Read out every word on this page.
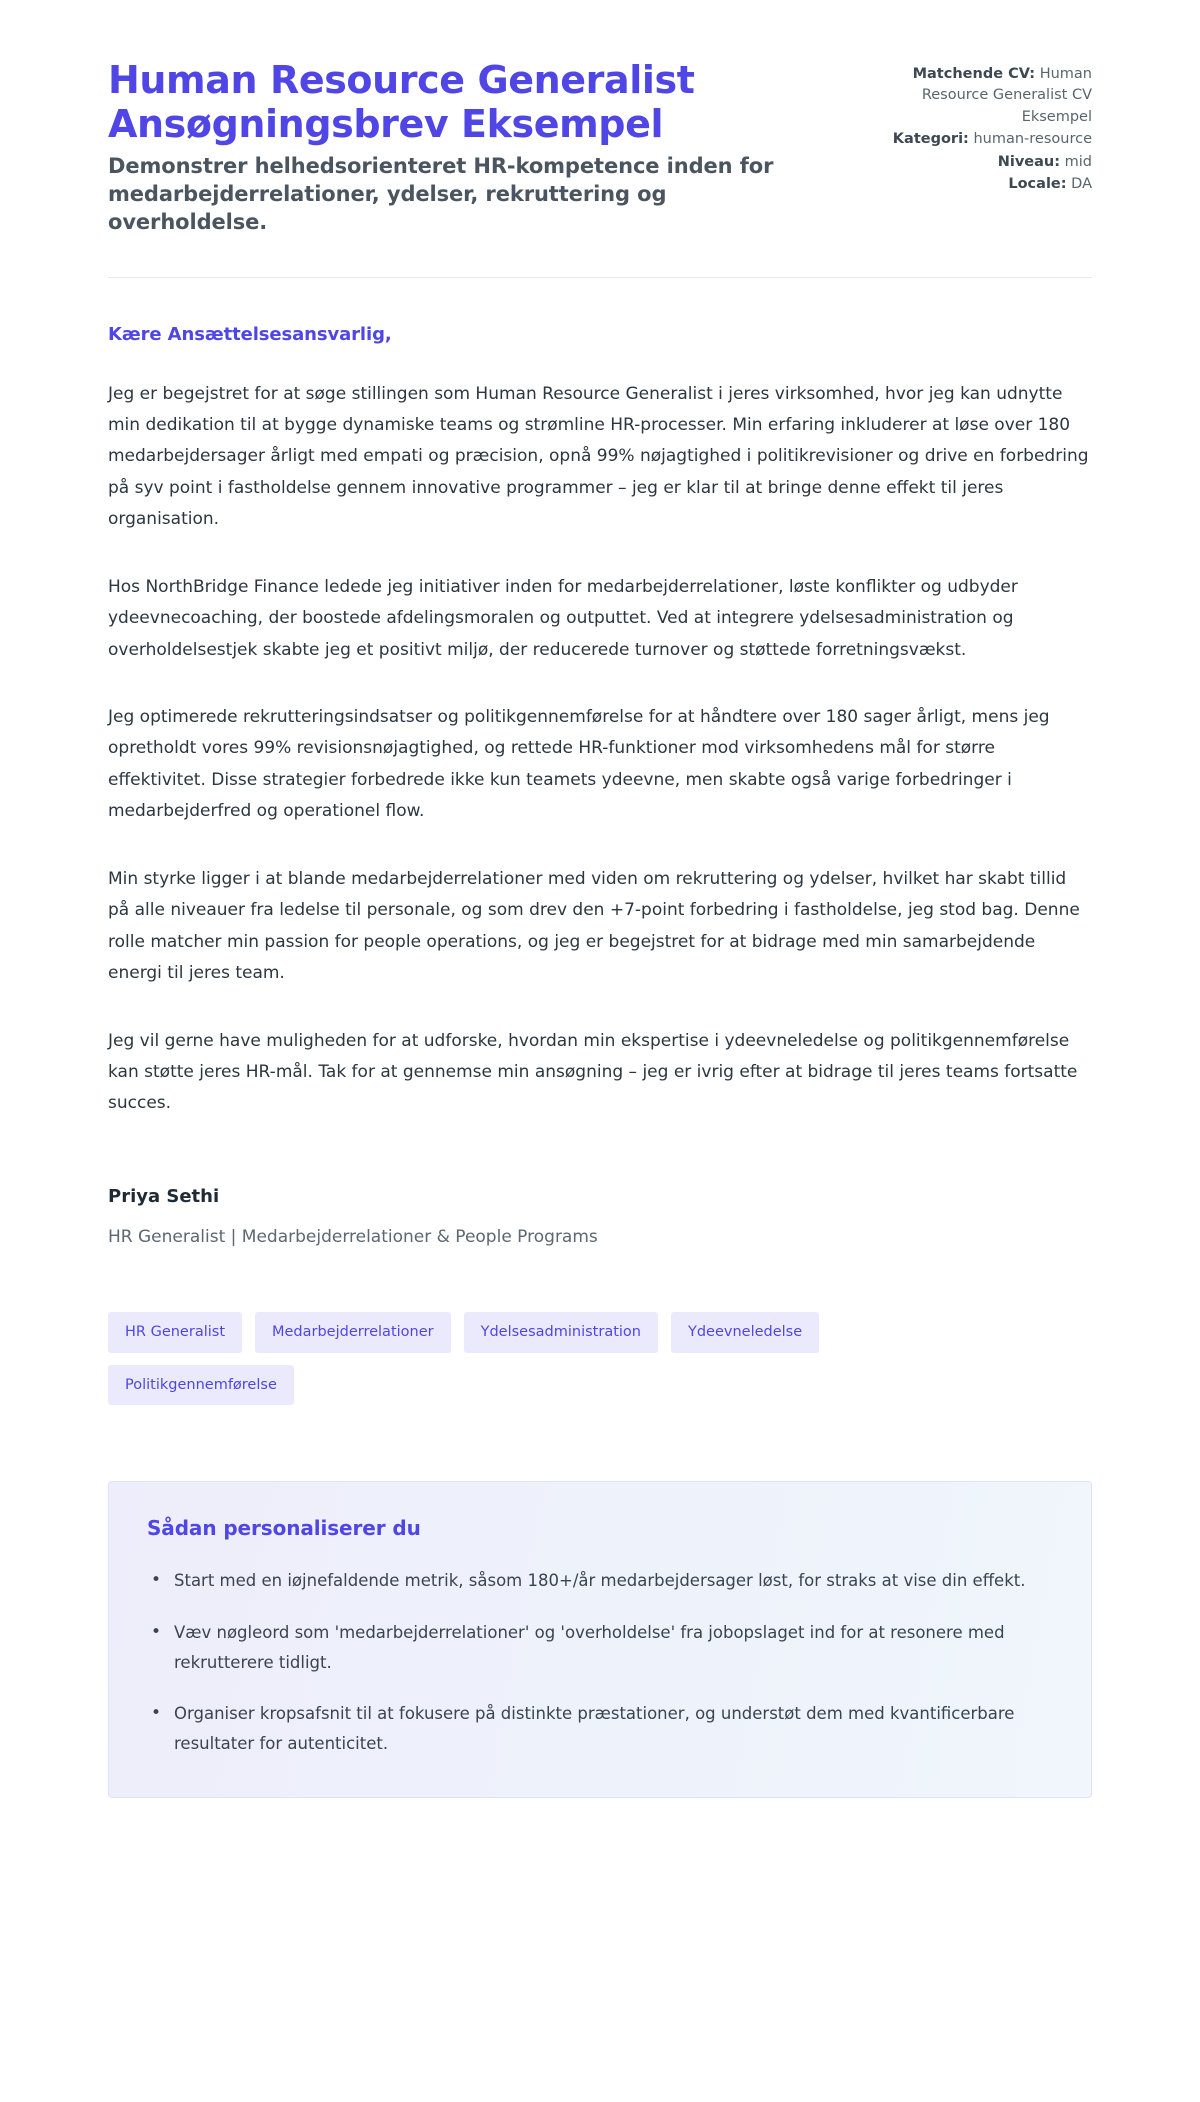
Human Resource Generalist Ansøgningsbrev Eksempel
Demonstrer helhedsorienteret HR-kompetence inden for medarbejderrelationer, ydelser, rekruttering og overholdelse.
Matchende CV: Human Resource Generalist CV Eksempel
Kategori: human-resource
Niveau: mid
Locale: DA

Kære Ansættelsesansvarlig,

Jeg er begejstret for at søge stillingen som Human Resource Generalist i jeres virksomhed, hvor jeg kan udnytte min dedikation til at bygge dynamiske teams og strømline HR-processer. Min erfaring inkluderer at løse over 180 medarbejdersager årligt med empati og præcision, opnå 99% nøjagtighed i politikrevisioner og drive en forbedring på syv point i fastholdelse gennem innovative programmer – jeg er klar til at bringe denne effekt til jeres organisation.

Hos NorthBridge Finance ledede jeg initiativer inden for medarbejderrelationer, løste konflikter og udbyder ydeevnecoaching, der boostede afdelingsmoralen og outputtet. Ved at integrere ydelsesadministration og overholdelsestjek skabte jeg et positivt miljø, der reducerede turnover og støttede forretningsvækst.

Jeg optimerede rekrutteringsindsatser og politikgennemførelse for at håndtere over 180 sager årligt, mens jeg opretholdt vores 99% revisionsnøjagtighed, og rettede HR-funktioner mod virksomhedens mål for større effektivitet. Disse strategier forbedrede ikke kun teamets ydeevne, men skabte også varige forbedringer i medarbejderfred og operationel flow.

Min styrke ligger i at blande medarbejderrelationer med viden om rekruttering og ydelser, hvilket har skabt tillid på alle niveauer fra ledelse til personale, og som drev den +7-point forbedring i fastholdelse, jeg stod bag. Denne rolle matcher min passion for people operations, og jeg er begejstret for at bidrage med min samarbejdende energi til jeres team.

Jeg vil gerne have muligheden for at udforske, hvordan min ekspertise i ydeevneledelse og politikgennemførelse kan støtte jeres HR-mål. Tak for at gennemse min ansøgning – jeg er ivrig efter at bidrage til jeres teams fortsatte succes.

Priya Sethi
HR Generalist | Medarbejderrelationer & People Programs
HR Generalist	Medarbejderrelationer	Ydelsesadministration	Ydeevneledelse
Politikgennemførelse
Sådan personaliserer du
• Start med en iøjnefaldende metrik, såsom 180+/år medarbejdersager løst, for straks at vise din effekt.
• Væv nøgleord som 'medarbejderrelationer' og 'overholdelse' fra jobopslaget ind for at resonere med rekrutterere tidligt.
• Organiser kropsafsnit til at fokusere på distinkte præstationer, og understøt dem med kvantificerbare resultater for autenticitet.
